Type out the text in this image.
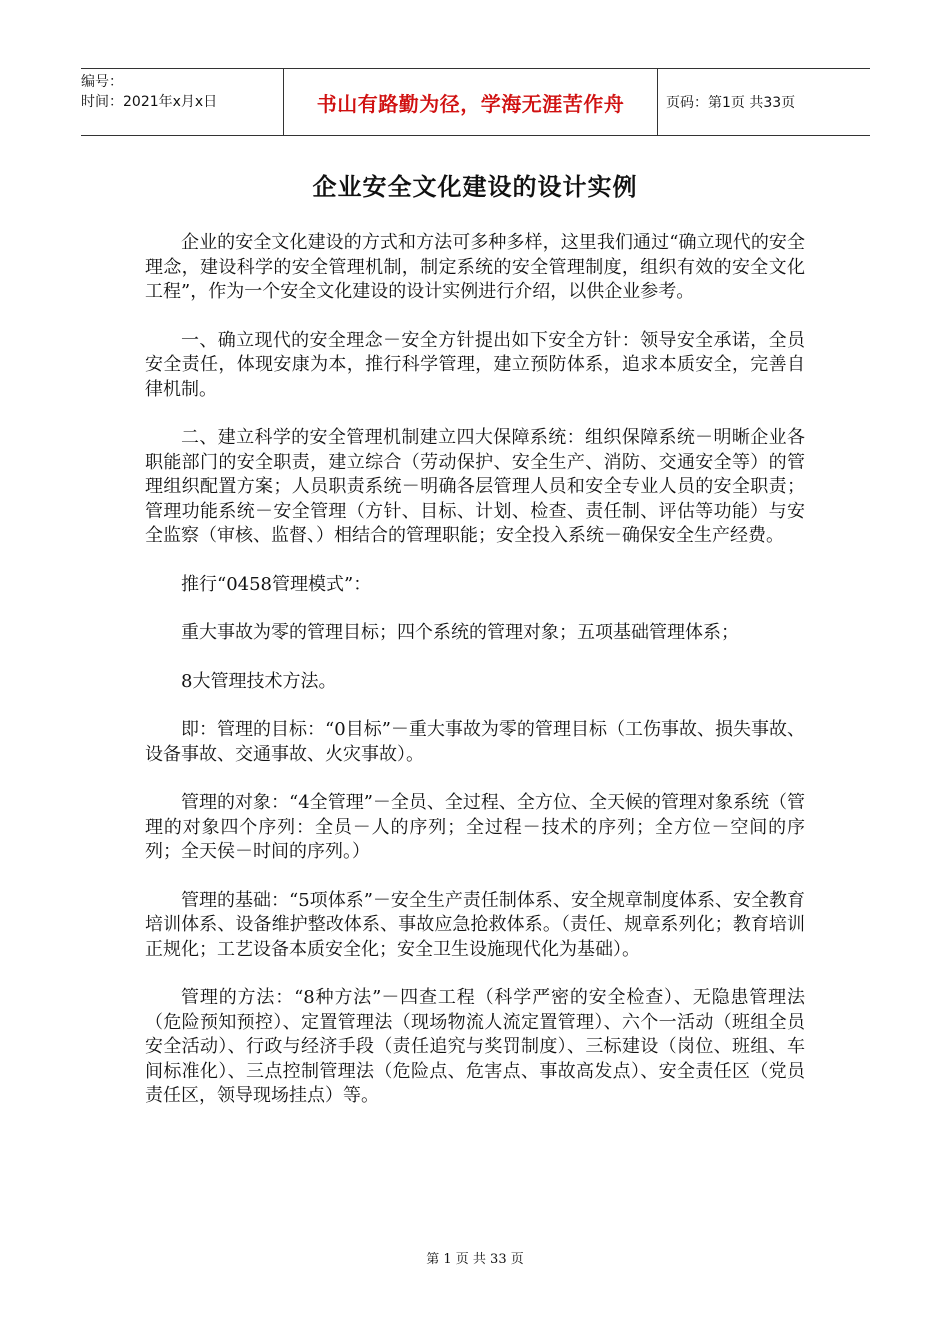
编号：
时间：2021年x月x日	书山有路勤为径，学海无涯苦作舟	页码：第1页 共33页
企业安全文化建设的设计实例

企业的安全文化建设的方式和方法可多种多样，这里我们通过“确立现代的安全理念，建设科学的安全管理机制，制定系统的安全管理制度，组织有效的安全文化工程”，作为一个安全文化建设的设计实例进行介绍，以供企业参考。

一、确立现代的安全理念－安全方针提出如下安全方针：领导安全承诺，全员安全责任，体现安康为本，推行科学管理，建立预防体系，追求本质安全，完善自律机制。

二、建立科学的安全管理机制建立四大保障系统：组织保障系统－明晰企业各职能部门的安全职责，建立综合（劳动保护、安全生产、消防、交通安全等）的管理组织配置方案；人员职责系统－明确各层管理人员和安全专业人员的安全职责；管理功能系统－安全管理（方针、目标、计划、检查、责任制、评估等功能）与安全监察（审核、监督、）相结合的管理职能；安全投入系统－确保安全生产经费。

推行“0458管理模式”：

重大事故为零的管理目标；四个系统的管理对象；五项基础管理体系；

8大管理技术方法。

即：管理的目标：“0目标”－重大事故为零的管理目标（工伤事故、损失事故、设备事故、交通事故、火灾事故）。

管理的对象：“4全管理”－全员、全过程、全方位、全天候的管理对象系统（管理的对象四个序列：全员－人的序列；全过程－技术的序列；全方位－空间的序列；全天侯－时间的序列。）

管理的基础：“5项体系”－安全生产责任制体系、安全规章制度体系、安全教育培训体系、设备维护整改体系、事故应急抢救体系。（责任、规章系列化；教育培训正规化；工艺设备本质安全化；安全卫生设施现代化为基础）。

管理的方法：“8种方法”－四查工程（科学严密的安全检查）、无隐患管理法（危险预知预控）、定置管理法（现场物流人流定置管理）、六个一活动（班组全员安全活动）、行政与经济手段（责任追究与奖罚制度）、三标建设（岗位、班组、车间标准化）、三点控制管理法（危险点、危害点、事故高发点）、安全责任区（党员责任区，领导现场挂点）等。

第 1 页 共 33 页
